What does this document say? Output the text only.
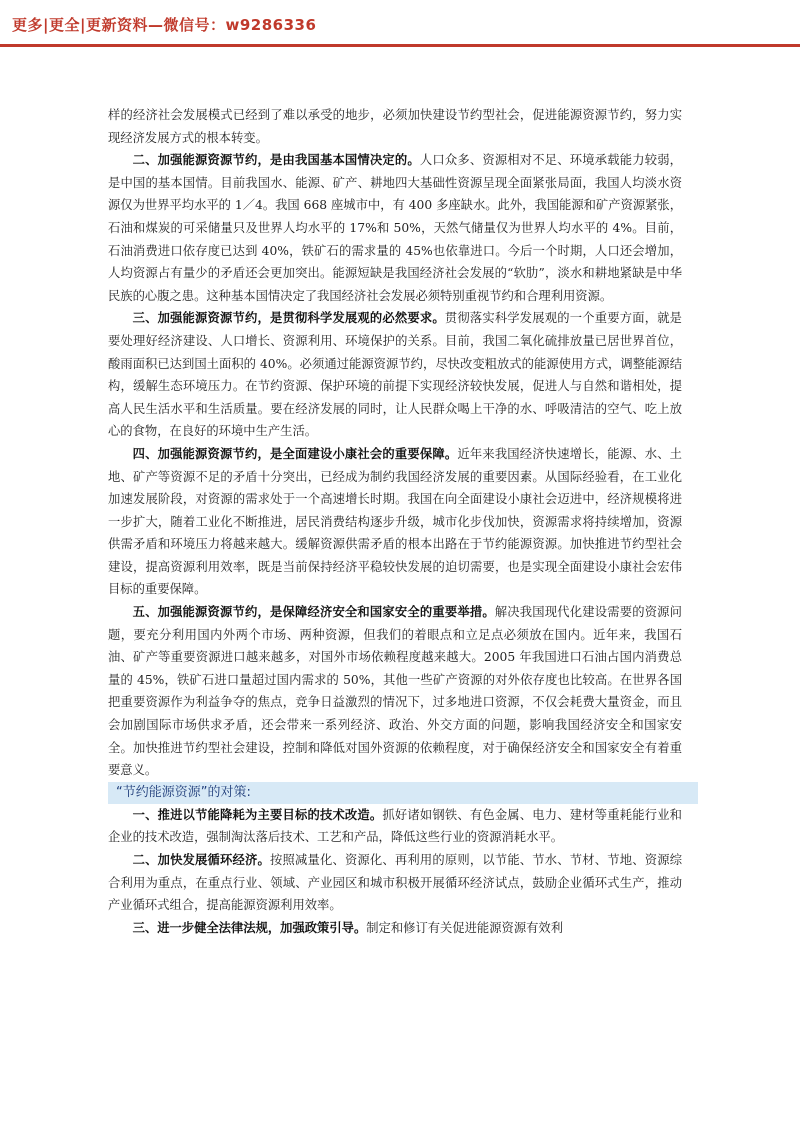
更多|更全|更新资料—微信号：w9286336

样的经济社会发展模式已经到了难以承受的地步，必须加快建设节约型社会，促进能源资源节约，努力实现经济发展方式的根本转变。

二、加强能源资源节约，是由我国基本国情决定的。人口众多、资源相对不足、环境承载能力较弱，是中国的基本国情。目前我国水、能源、矿产、耕地四大基础性资源呈现全面紧张局面，我国人均淡水资源仅为世界平均水平的 1／4。我国 668 座城市中，有 400 多座缺水。此外，我国能源和矿产资源紧张，石油和煤炭的可采储量只及世界人均水平的 17%和 50%，天然气储量仅为世界人均水平的 4%。目前，石油消费进口依存度已达到 40%，铁矿石的需求量的 45%也依靠进口。今后一个时期，人口还会增加，人均资源占有量少的矛盾还会更加突出。能源短缺是我国经济社会发展的“软肋”，淡水和耕地紧缺是中华民族的心腹之患。这种基本国情决定了我国经济社会发展必须特别重视节约和合理利用资源。

三、加强能源资源节约，是贯彻科学发展观的必然要求。贯彻落实科学发展观的一个重要方面，就是要处理好经济建设、人口增长、资源利用、环境保护的关系。目前，我国二氧化硫排放量已居世界首位，酸雨面积已达到国土面积的 40%。必须通过能源资源节约，尽快改变粗放式的能源使用方式，调整能源结构，缓解生态环境压力。在节约资源、保护环境的前提下实现经济较快发展，促进人与自然和谐相处，提高人民生活水平和生活质量。要在经济发展的同时，让人民群众喝上干净的水、呼吸清洁的空气、吃上放心的食物，在良好的环境中生产生活。

四、加强能源资源节约，是全面建设小康社会的重要保障。近年来我国经济快速增长，能源、水、土地、矿产等资源不足的矛盾十分突出，已经成为制约我国经济发展的重要因素。从国际经验看，在工业化加速发展阶段，对资源的需求处于一个高速增长时期。我国在向全面建设小康社会迈进中，经济规模将进一步扩大，随着工业化不断推进，居民消费结构逐步升级，城市化步伐加快，资源需求将持续增加，资源供需矛盾和环境压力将越来越大。缓解资源供需矛盾的根本出路在于节约能源资源。加快推进节约型社会建设，提高资源利用效率，既是当前保持经济平稳较快发展的迫切需要，也是实现全面建设小康社会宏伟目标的重要保障。

五、加强能源资源节约，是保障经济安全和国家安全的重要举措。解决我国现代化建设需要的资源问题，要充分利用国内外两个市场、两种资源，但我们的着眼点和立足点必须放在国内。近年来，我国石油、矿产等重要资源进口越来越多，对国外市场依赖程度越来越大。2005 年我国进口石油占国内消费总量的 45%，铁矿石进口量超过国内需求的 50%，其他一些矿产资源的对外依存度也比较高。在世界各国把重要资源作为利益争夺的焦点，竞争日益激烈的情况下，过多地进口资源，不仅会耗费大量资金，而且会加剧国际市场供求矛盾，还会带来一系列经济、政治、外交方面的问题，影响我国经济安全和国家安全。加快推进节约型社会建设，控制和降低对国外资源的依赖程度，对于确保经济安全和国家安全有着重要意义。

“节约能源资源”的对策:

一、推进以节能降耗为主要目标的技术改造。抓好诸如钢铁、有色金属、电力、建材等重耗能行业和企业的技术改造，强制淘汰落后技术、工艺和产品，降低这些行业的资源消耗水平。

二、加快发展循环经济。按照减量化、资源化、再利用的原则，以节能、节水、节材、节地、资源综合利用为重点，在重点行业、领域、产业园区和城市积极开展循环经济试点，鼓励企业循环式生产，推动产业循环式组合，提高能源资源利用效率。

三、进一步健全法律法规，加强政策引导。制定和修订有关促进能源资源有效利
